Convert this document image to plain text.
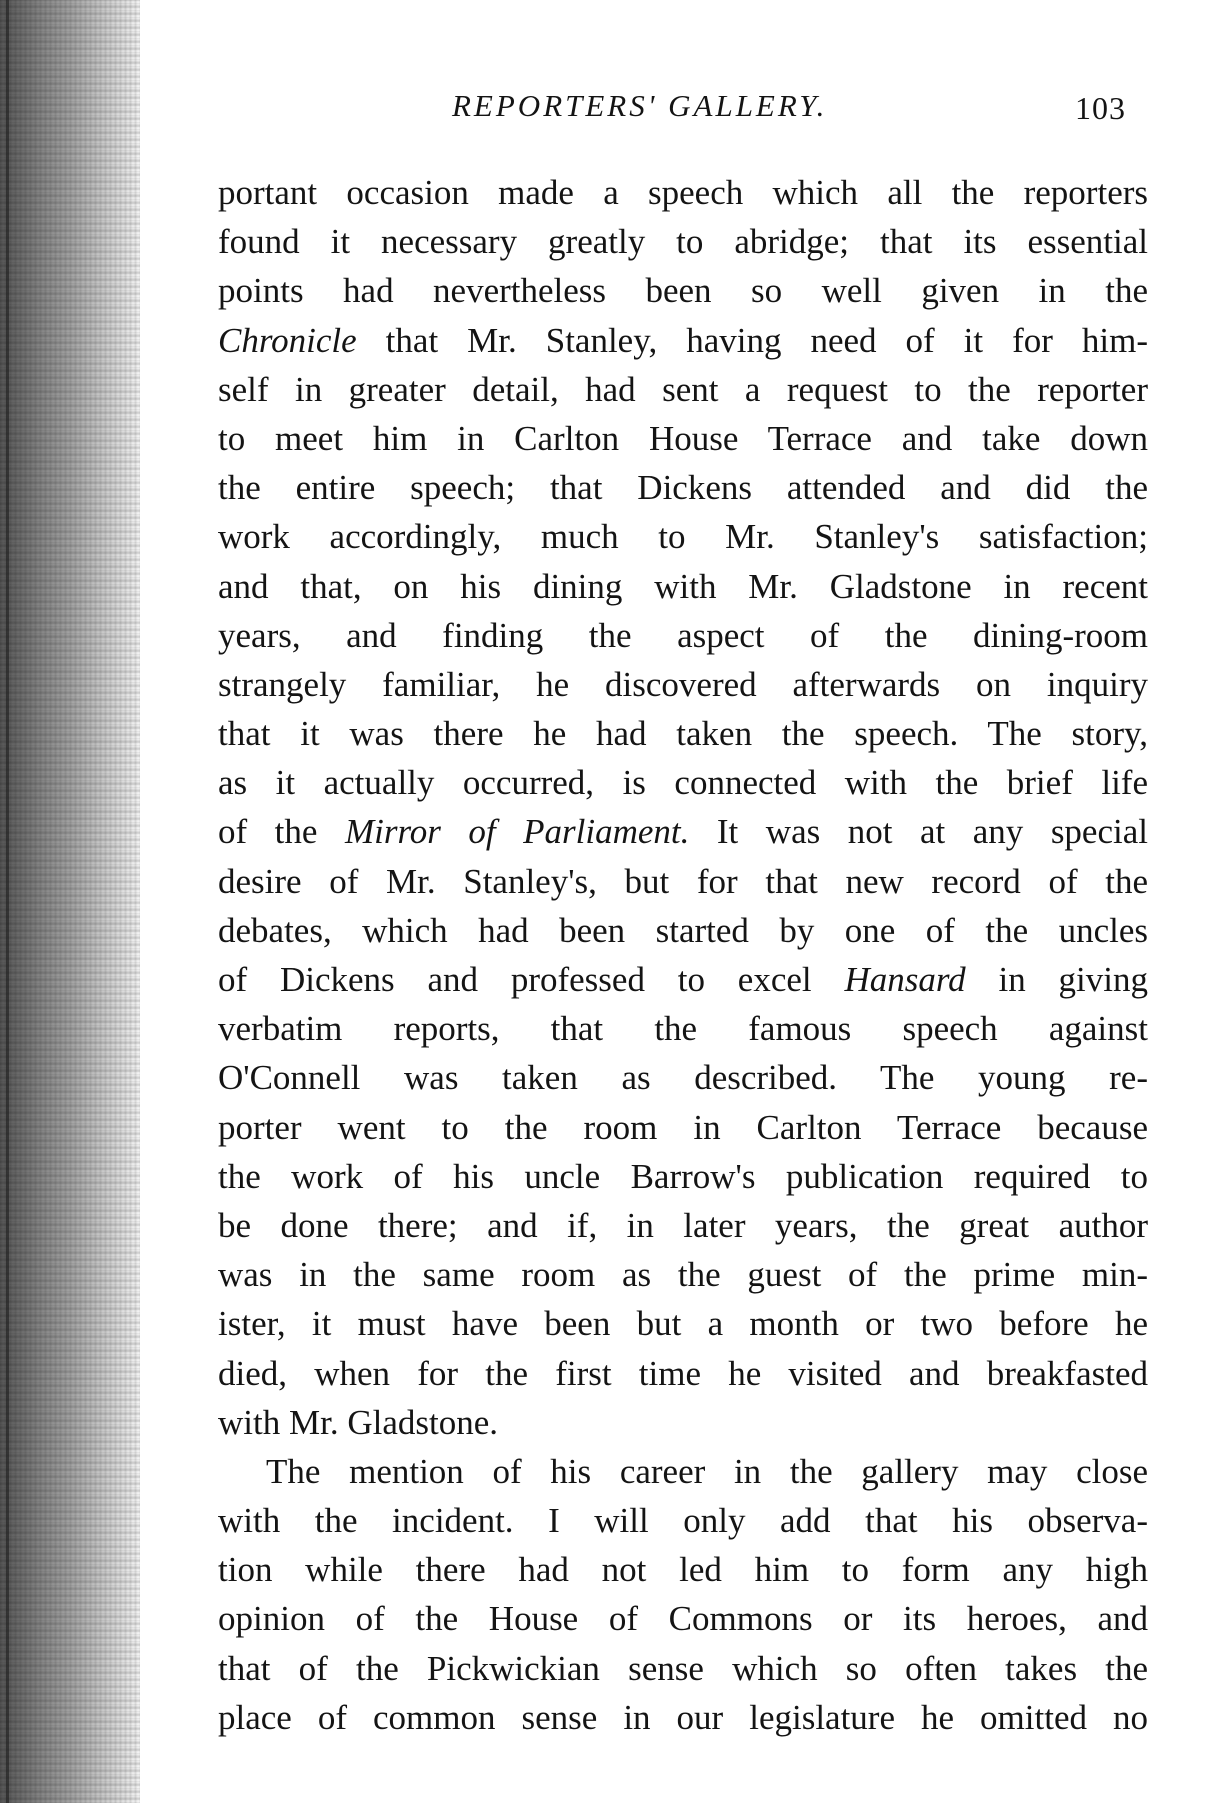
REPORTERS' GALLERY.	103
portant occasion made a speech which all the reporters
found it necessary greatly to abridge; that its essential
points had nevertheless been so well given in the
Chronicle that Mr. Stanley, having need of it for him-
self in greater detail, had sent a request to the reporter
to meet him in Carlton House Terrace and take down
the entire speech; that Dickens attended and did the
work accordingly, much to Mr. Stanley's satisfaction;
and that, on his dining with Mr. Gladstone in recent
years, and finding the aspect of the dining-room
strangely familiar, he discovered afterwards on inquiry
that it was there he had taken the speech. The story,
as it actually occurred, is connected with the brief life
of the Mirror of Parliament. It was not at any special
desire of Mr. Stanley's, but for that new record of the
debates, which had been started by one of the uncles
of Dickens and professed to excel Hansard in giving
verbatim reports, that the famous speech against
O'Connell was taken as described. The young re-
porter went to the room in Carlton Terrace because
the work of his uncle Barrow's publication required to
be done there; and if, in later years, the great author
was in the same room as the guest of the prime min-
ister, it must have been but a month or two before he
died, when for the first time he visited and breakfasted
with Mr. Gladstone.
The mention of his career in the gallery may close
with the incident. I will only add that his observa-
tion while there had not led him to form any high
opinion of the House of Commons or its heroes, and
that of the Pickwickian sense which so often takes the
place of common sense in our legislature he omitted no
